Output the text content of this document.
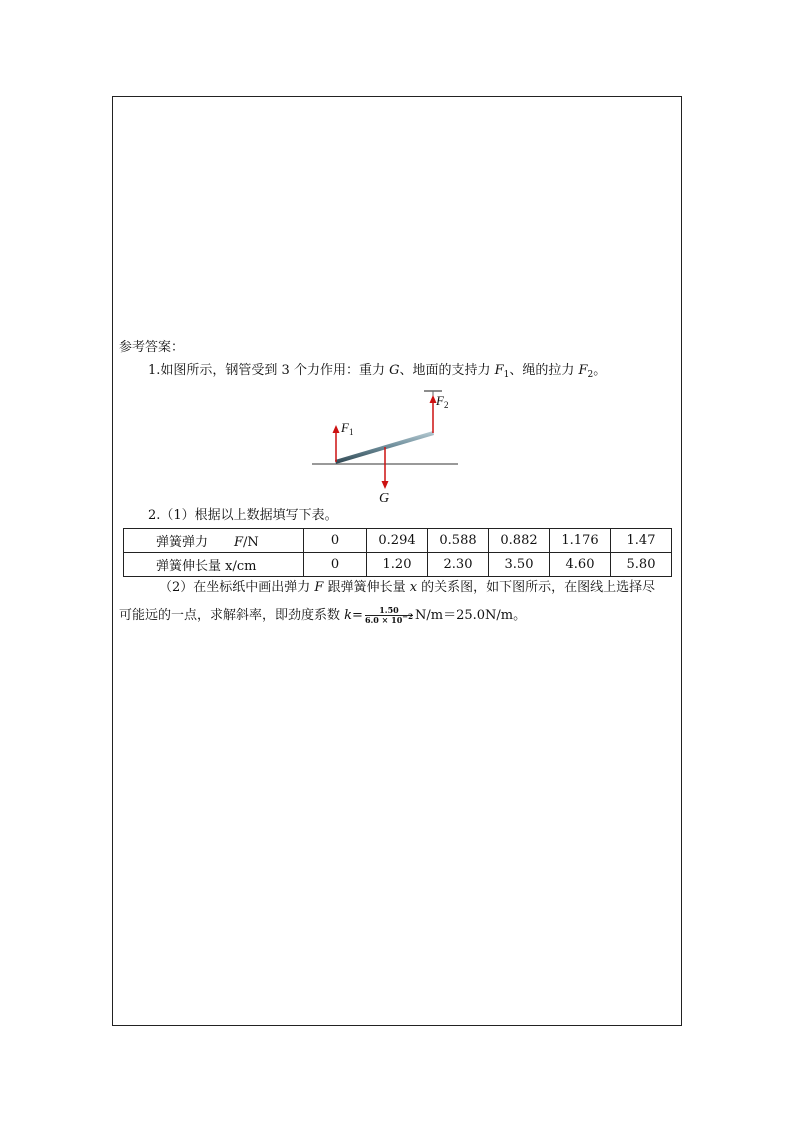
参考答案：
1.如图所示，钢管受到 3 个力作用：重力 G、地面的支持力 $F_1$、绳的拉力 $F_2$。
$F_1$
$F_2$
G
2.（1）根据以上数据填写下表。
弹簧弹力　　F/N	0	0.294	0.588	0.882	1.176	1.47
弹簧伸长量 x/cm	0	1.20	2.30	3.50	4.60	5.80
（2）在坐标纸中画出弹力 F 跟弹簧伸长量 x 的关系图，如下图所示，在图线上选择尽
可能远的一点，求解斜率，即劲度系数 $k= \frac{1.50}{6.0 \times 10^{-2}} N/m=25.0N/m$。
